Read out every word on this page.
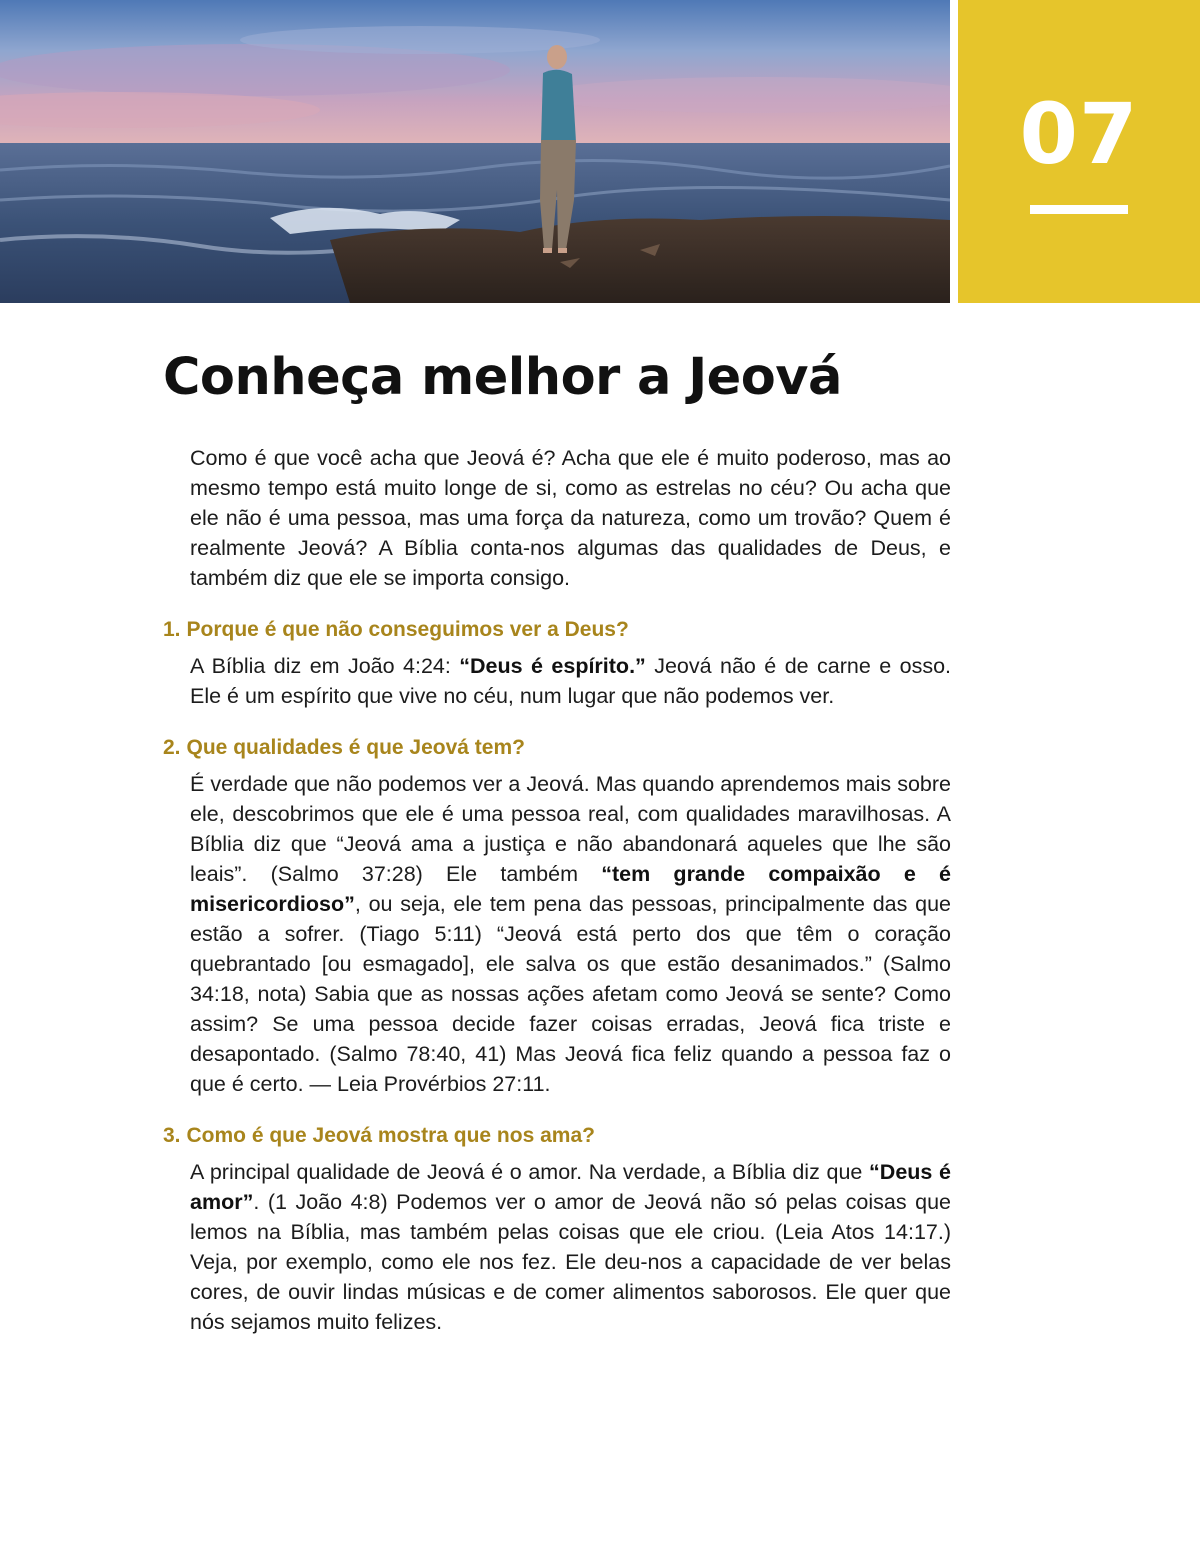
07
Conheça melhor a Jeová

Como é que você acha que Jeová é? Acha que ele é muito poderoso, mas ao mesmo tempo está muito longe de si, como as estrelas no céu? Ou acha que ele não é uma pessoa, mas uma força da natureza, como um trovão? Quem é realmente Jeová? A Bíblia conta-nos algumas das qualidades de Deus, e também diz que ele se importa consigo.

1. Porque é que não conseguimos ver a Deus?

A Bíblia diz em João 4:24: “Deus é espírito.” Jeová não é de carne e osso. Ele é um espírito que vive no céu, num lugar que não podemos ver.

2. Que qualidades é que Jeová tem?

É verdade que não podemos ver a Jeová. Mas quando aprendemos mais sobre ele, descobrimos que ele é uma pessoa real, com qualidades maravilhosas. A Bíblia diz que “Jeová ama a justiça e não abandonará aqueles que lhe são leais”. (Salmo 37:28) Ele também “tem grande compaixão e é misericordioso”, ou seja, ele tem pena das pessoas, principalmente das que estão a sofrer. (Tiago 5:11) “Jeová está perto dos que têm o coração quebrantado [ou esmagado], ele salva os que estão desanimados.” (Salmo 34:18, nota) Sabia que as nossas ações afetam como Jeová se sente? Como assim? Se uma pessoa decide fazer coisas erradas, Jeová fica triste e desapontado. (Salmo 78:40, 41) Mas Jeová fica feliz quando a pessoa faz o que é certo. — Leia Provérbios 27:11.

3. Como é que Jeová mostra que nos ama?

A principal qualidade de Jeová é o amor. Na verdade, a Bíblia diz que “Deus é amor”. (1 João 4:8) Podemos ver o amor de Jeová não só pelas coisas que lemos na Bíblia, mas também pelas coisas que ele criou. (Leia Atos 14:17.) Veja, por exemplo, como ele nos fez. Ele deu-nos a capacidade de ver belas cores, de ouvir lindas músicas e de comer alimentos saborosos. Ele quer que nós sejamos muito felizes.
